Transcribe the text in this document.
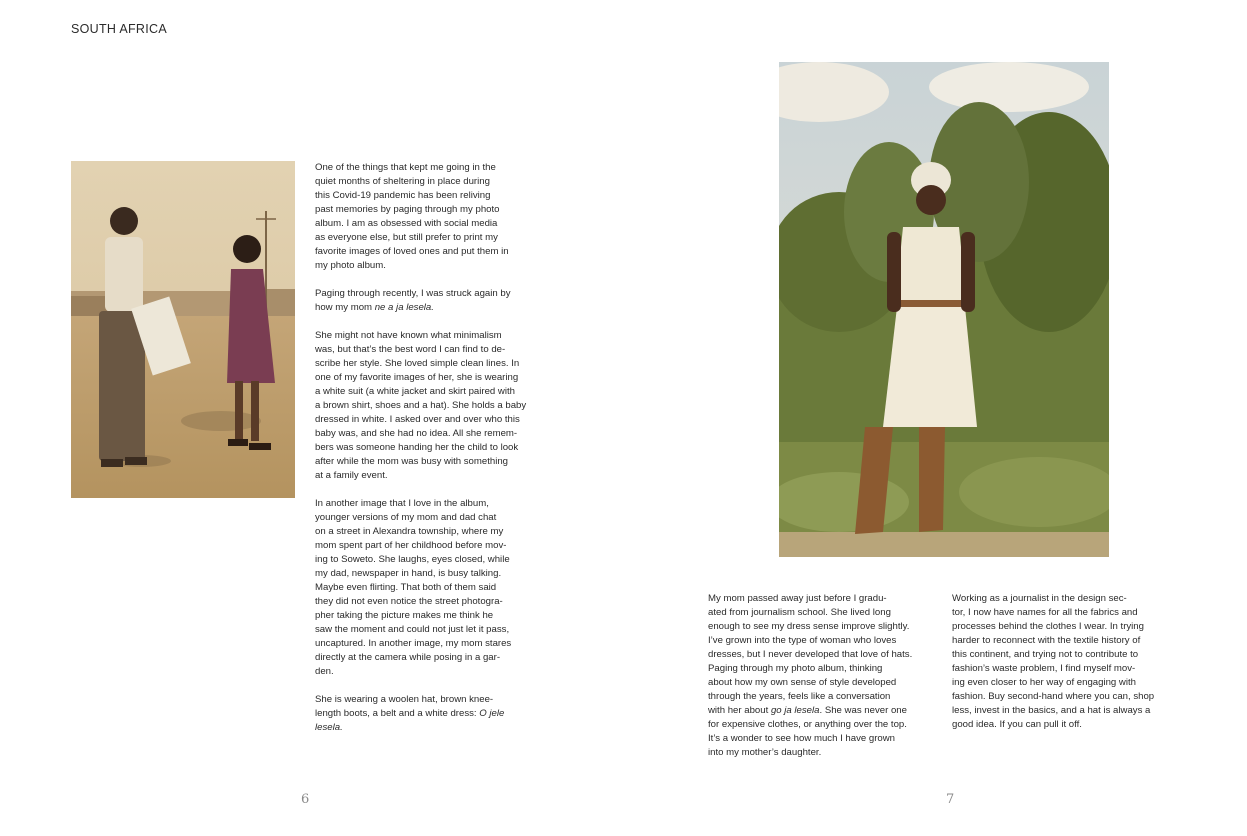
SOUTH AFRICA

One of the things that kept me going in the
quiet months of sheltering in place during
this Covid-19 pandemic has been reliving
past memories by paging through my photo
album. I am as obsessed with social media
as everyone else, but still prefer to print my
favorite images of loved ones and put them in
my photo album.

Paging through recently, I was struck again by
how my mom ne a ja lesela.

She might not have known what minimalism
was, but that’s the best word I can find to de-
scribe her style. She loved simple clean lines. In
one of my favorite images of her, she is wearing
a white suit (a white jacket and skirt paired with
a brown shirt, shoes and a hat). She holds a baby
dressed in white. I asked over and over who this
baby was, and she had no idea. All she remem-
bers was someone handing her the child to look
after while the mom was busy with something
at a family event.

In another image that I love in the album,
younger versions of my mom and dad chat
on a street in Alexandra township, where my
mom spent part of her childhood before mov-
ing to Soweto. She laughs, eyes closed, while
my dad, newspaper in hand, is busy talking.
Maybe even flirting. That both of them said
they did not even notice the street photogra-
pher taking the picture makes me think he
saw the moment and could not just let it pass,
uncaptured. In another image, my mom stares
directly at the camera while posing in a gar-
den.

She is wearing a woolen hat, brown knee-
length boots, a belt and a white dress: O jele
lesela.

My mom passed away just before I gradu-
ated from journalism school. She lived long
enough to see my dress sense improve slightly.
I’ve grown into the type of woman who loves
dresses, but I never developed that love of hats.
Paging through my photo album, thinking
about how my own sense of style developed
through the years, feels like a conversation
with her about go ja lesela. She was never one
for expensive clothes, or anything over the top.
It’s a wonder to see how much I have grown
into my mother’s daughter.

Working as a journalist in the design sec-
tor, I now have names for all the fabrics and
processes behind the clothes I wear. In trying
harder to reconnect with the textile history of
this continent, and trying not to contribute to
fashion’s waste problem, I find myself mov-
ing even closer to her way of engaging with
fashion. Buy second-hand where you can, shop
less, invest in the basics, and a hat is always a
good idea. If you can pull it off.

6	7
